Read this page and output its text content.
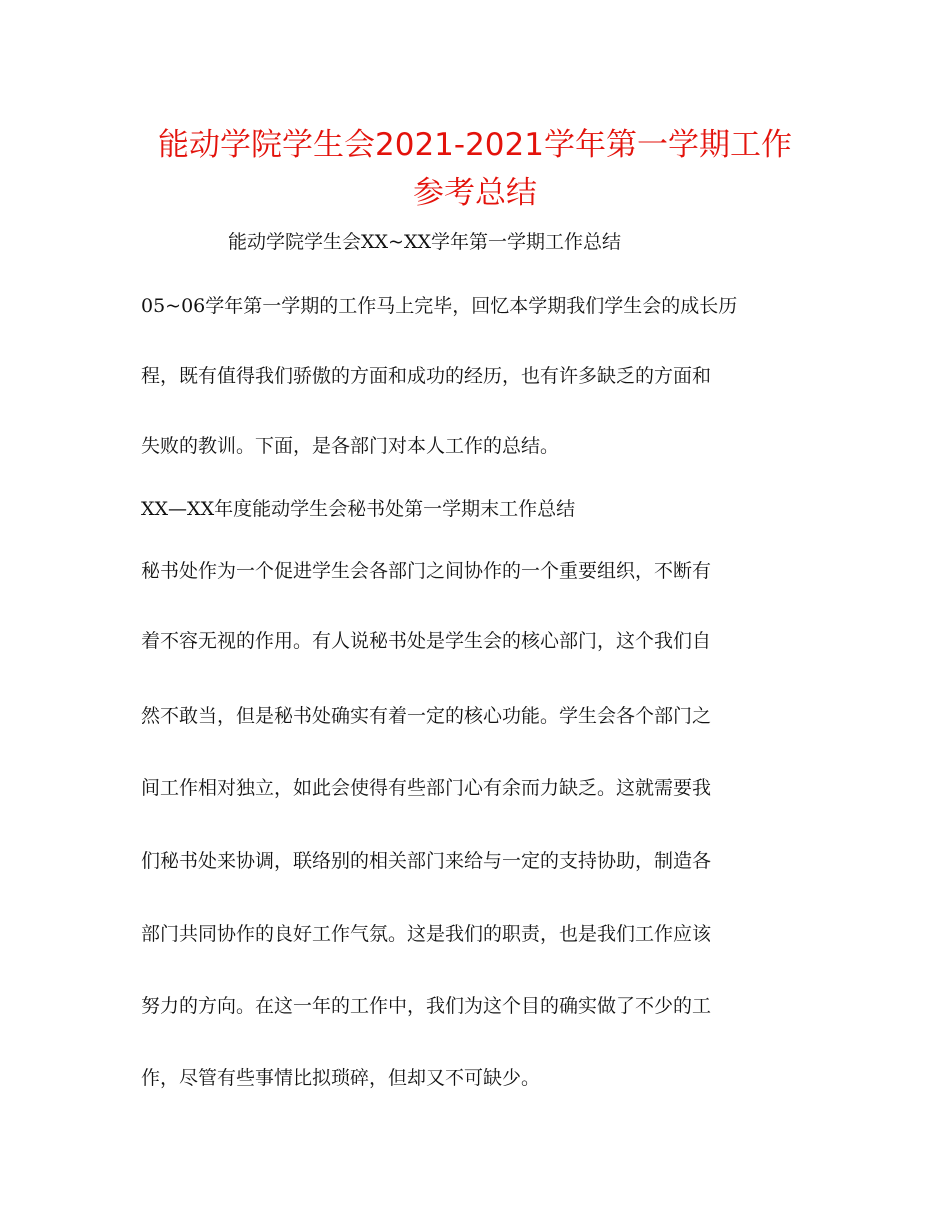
能动学院学生会2021-2021学年第一学期工作
参考总结
能动学院学生会XX~XX学年第一学期工作总结
05~06学年第一学期的工作马上完毕，回忆本学期我们学生会的成长历
程，既有值得我们骄傲的方面和成功的经历，也有许多缺乏的方面和
失败的教训。下面，是各部门对本人工作的总结。
XX—XX年度能动学生会秘书处第一学期末工作总结
秘书处作为一个促进学生会各部门之间协作的一个重要组织，不断有
着不容无视的作用。有人说秘书处是学生会的核心部门，这个我们自
然不敢当，但是秘书处确实有着一定的核心功能。学生会各个部门之
间工作相对独立，如此会使得有些部门心有余而力缺乏。这就需要我
们秘书处来协调，联络别的相关部门来给与一定的支持协助，制造各
部门共同协作的良好工作气氛。这是我们的职责，也是我们工作应该
努力的方向。在这一年的工作中，我们为这个目的确实做了不少的工
作，尽管有些事情比拟琐碎，但却又不可缺少。
